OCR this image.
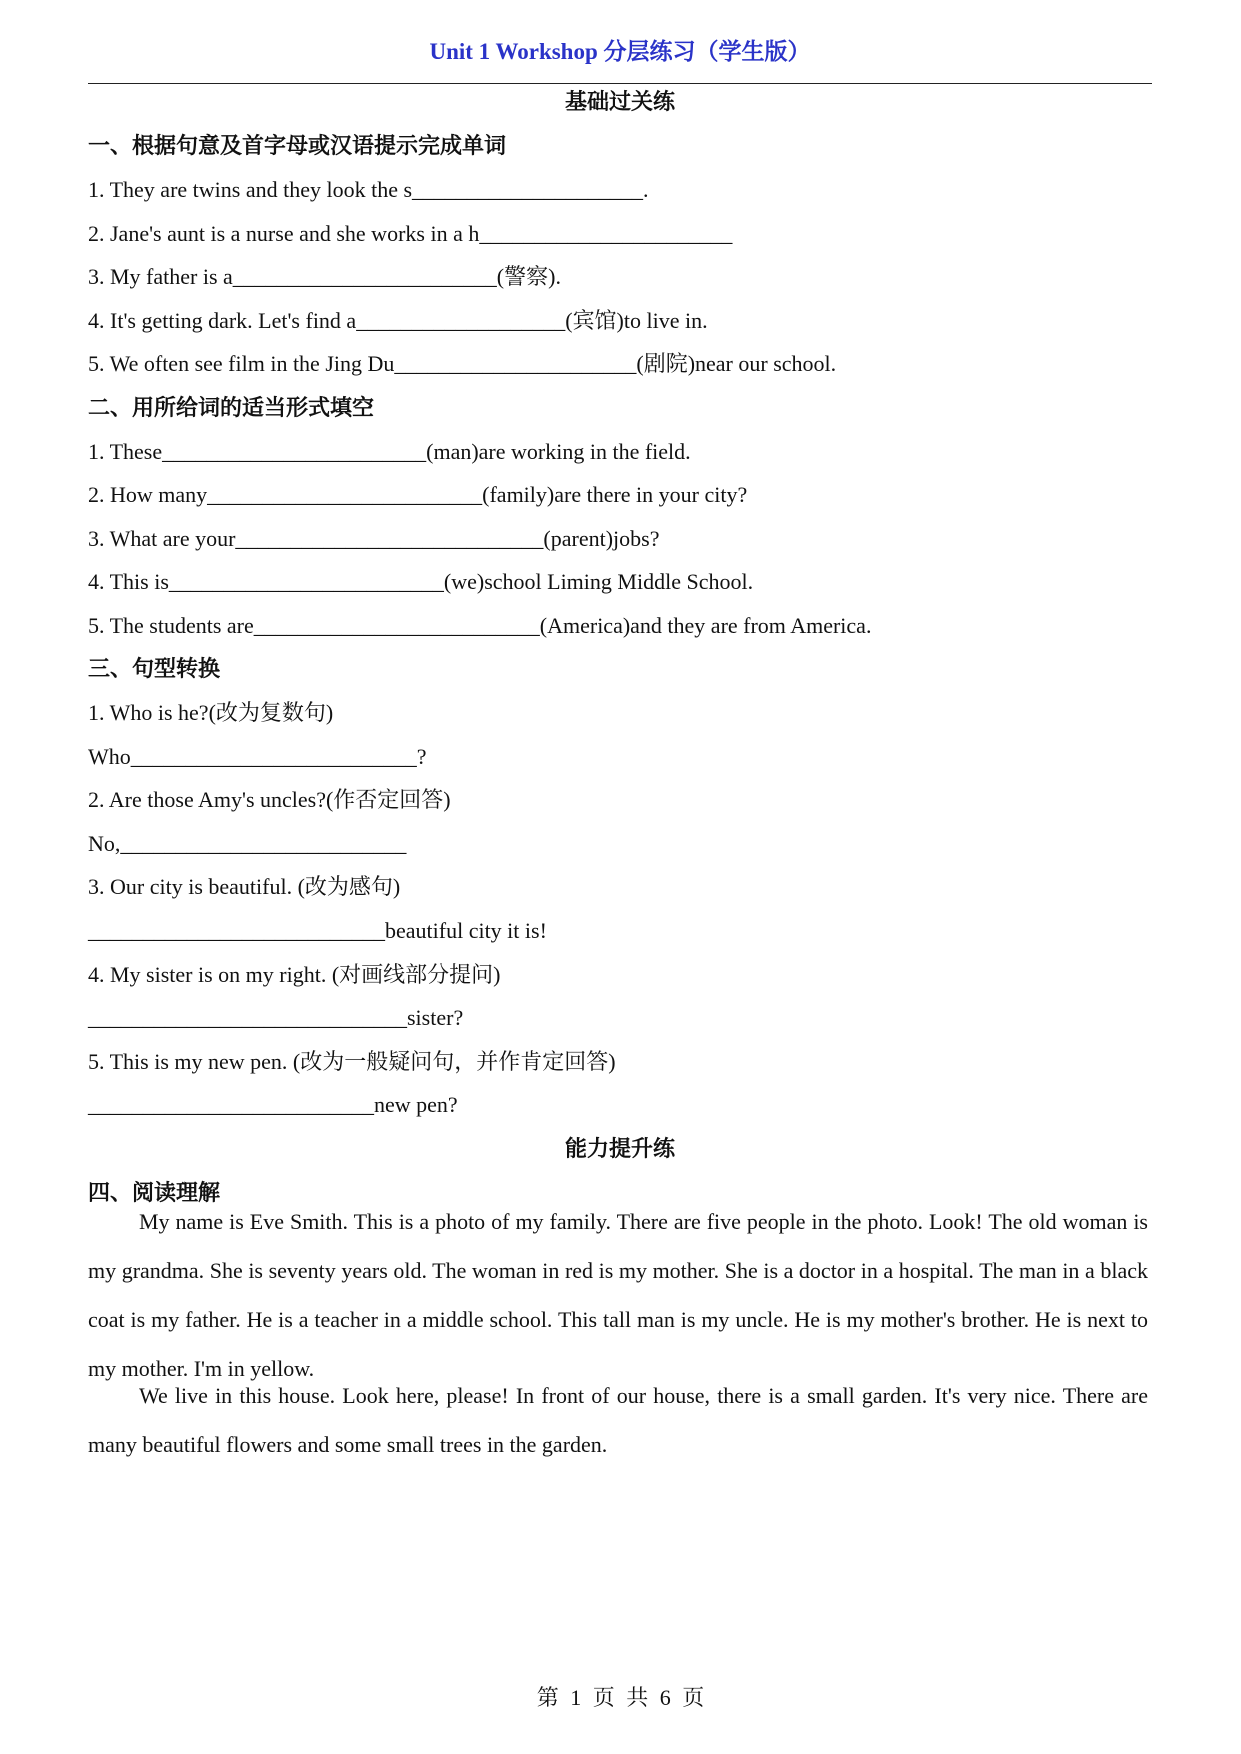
Unit 1 Workshop 分层练习（学生版）
基础过关练
一、根据句意及首字母或汉语提示完成单词
1. They are twins and they look the s_____________________.
2. Jane's aunt is a nurse and she works in a h_______________________
3. My father is a________________________(警察).
4. It's getting dark. Let's find a___________________(宾馆)to live in.
5. We often see film in the Jing Du______________________(剧院)near our school.
二、用所给词的适当形式填空
1. These________________________(man)are working in the field.
2. How many_________________________(family)are there in your city?
3. What are your____________________________(parent)jobs?
4. This is_________________________(we)school Liming Middle School.
5. The students are__________________________(America)and they are from America.
三、句型转换
1. Who is he?(改为复数句)
Who__________________________?
2. Are those Amy's uncles?(作否定回答)
No,__________________________
3. Our city is beautiful. (改为感句)
___________________________beautiful city it is!
4. My sister is on my right. (对画线部分提问)
_____________________________sister?
5. This is my new pen. (改为一般疑问句，并作肯定回答)
__________________________new pen?
能力提升练
四、阅读理解
My name is Eve Smith. This is a photo of my family. There are five people in the photo. Look! The old woman is my grandma. She is seventy years old. The woman in red is my mother. She is a doctor in a hospital. The man in a black coat is my father. He is a teacher in a middle school. This tall man is my uncle. He is my mother's brother. He is next to my mother. I'm in yellow.
We live in this house. Look here, please! In front of our house, there is a small garden. It's very nice. There are many beautiful flowers and some small trees in the garden.
第 1 页 共 6 页
